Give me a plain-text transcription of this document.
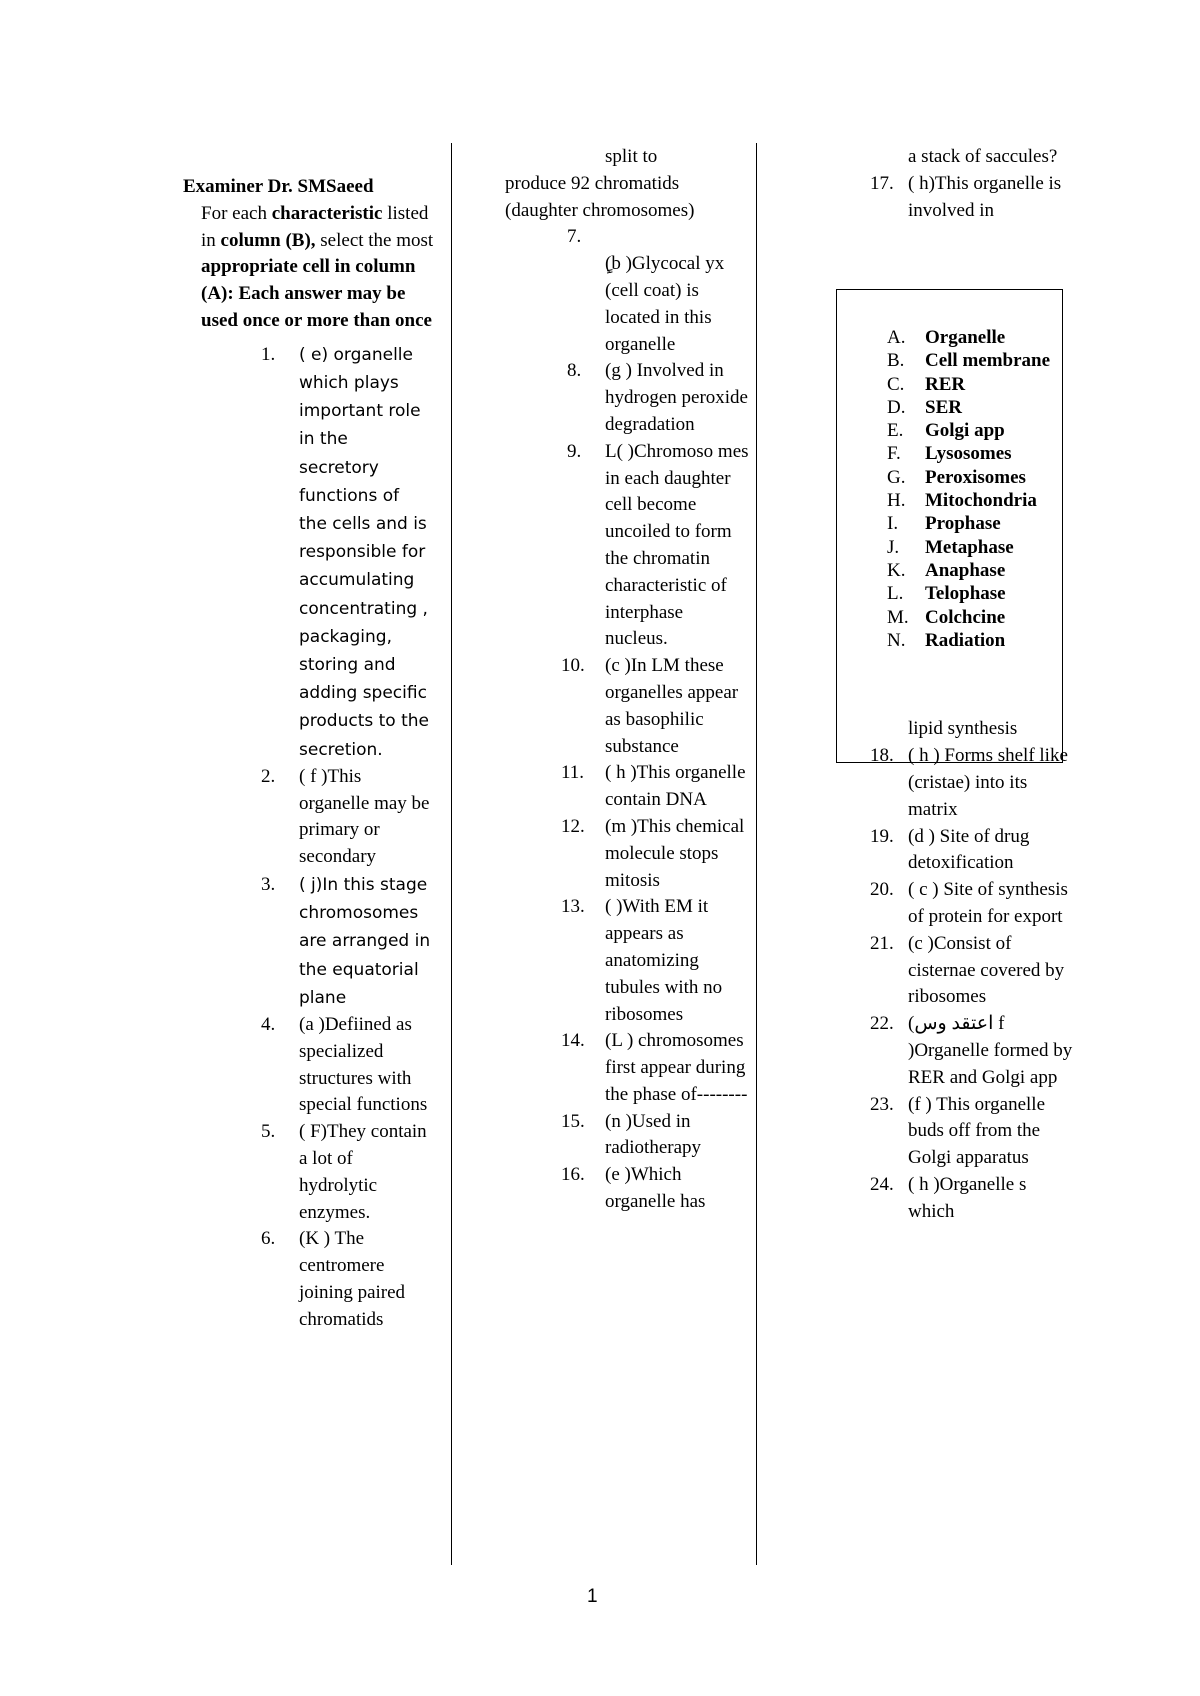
Examiner Dr. SMSaeed
For each characteristic listed in column (B), select the most appropriate cell in column (A): Each answer may be used once or more than once
1. ( e) organelle which plays important role in the secretory functions of the cells and is responsible for accumulating concentrating , packaging, storing and adding specific products to the secretion.
2. ( f )This organelle may be primary or secondary
3. ( j)In this stage chromosomes are arranged in the equatorial plane
4. (a )Defiined as specialized structures with special functions
5. ( F)They contain a lot of hydrolytic enzymes.
6. (K ) The centromere joining paired chromatids
split to
produce 92 chromatids (daughter chromosomes)
7.
ٍ(b )Glycocal yx (cell coat) is located in this organelle
8. (g ) Involved in hydrogen peroxide degradation
9. L( )Chromoso mes in each daughter cell become uncoiled to form the chromatin characteristic of interphase nucleus.
10. (c )In LM these organelles appear as basophilic substance
11. ( h )This organelle contain DNA
12. (m )This chemical molecule stops mitosis
13. ( )With EM it appears as anatomizing tubules with no ribosomes
14. (L ) chromosomes first appear during the phase of--------
15. (n )Used in radiotherapy
16. (e )Which organelle has
a stack of saccules?
17. ( h)This organelle is involved in
lipid synthesis
18. ( h ) Forms shelf like (cristae) into its matrix
19. (d ) Site of drug detoxification
20. ( c ) Site of synthesis of protein for export
21. (c )Consist of cisternae covered by ribosomes
22. (اعتقد وس f )Organelle formed by RER and Golgi app
23. (f ) This organelle buds off from the Golgi apparatus
24. ( h )Organelle s which
A. Organelle
B. Cell membrane
C. RER
D. SER
E. Golgi app
F. Lysosomes
G. Peroxisomes
H. Mitochondria
I. Prophase
J. Metaphase
K. Anaphase
L. Telophase
M. Colchcine
N. Radiation
1
